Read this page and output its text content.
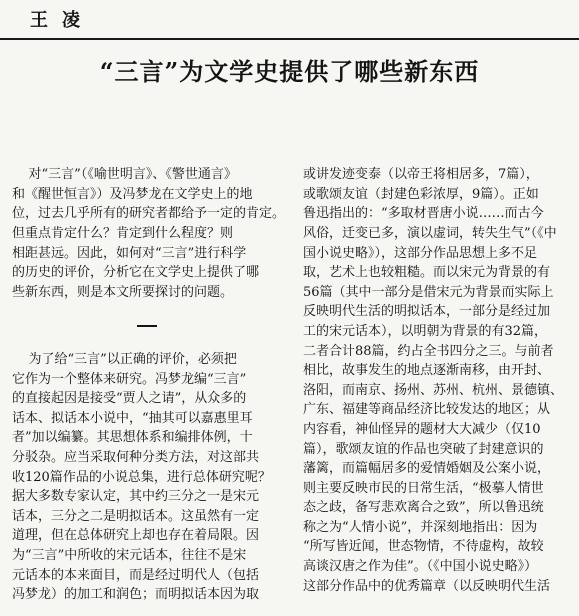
王凌
“三言”为文学史提供了哪些新东西

对“三言”（《喻世明言》、《警世通言》
和《醒世恒言》）及冯梦龙在文学史上的地
位，过去几乎所有的研究者都给予一定的肯定。
但重点肯定什么？肯定到什么程度？则
相距甚远。因此，如何对“三言”进行科学
的历史的评价，分析它在文学史上提供了哪
些新东西，则是本文所要探讨的问题。

为了给“三言”以正确的评价，必须把
它作为一个整体来研究。冯梦龙编“三言”
的直接起因是接受“贾人之请”，从众多的
话本、拟话本小说中，“抽其可以嘉惠里耳
者”加以编纂。其思想体系和编排体例，十
分驳杂。应当采取何种分类方法，对这部共
收120篇作品的小说总集，进行总体研究呢？
据大多数专家认定，其中约三分之一是宋元
话本，三分之二是明拟话本。这虽然有一定
道理，但在总体研究上却也存在着局限。因
为“三言”中所收的宋元话本，往往不是宋
元话本的本来面目，而是经过明代人（包括
冯梦龙）的加工和润色；而明拟话本因为取

或讲发迹变泰（以帝王将相居多，7篇），
或歌颂友谊（封建色彩浓厚，9篇）。正如
鲁迅指出的：“多取材晋唐小说……而古今
风俗，迁变已多，演以虚词，转失生气”（《中
国小说史略》），这部分作品思想上多不足
取，艺术上也较粗糙。而以宋元为背景的有
56篇（其中一部分是借宋元为背景而实际上
反映明代生活的明拟话本，一部分是经过加
工的宋元话本），以明朝为背景的有32篇，
二者合计88篇，约占全书四分之三。与前者
相比，故事发生的地点逐渐南移，由开封、
洛阳，而南京、扬州、苏州、杭州、景德镇、
广东、福建等商品经济比较发达的地区；从
内容看，神仙怪异的题材大大减少（仅10
篇），歌颂友谊的作品也突破了封建意识的
藩篱，而篇幅居多的爱情婚姻及公案小说，
则主要反映市民的日常生活，“极摹人情世
态之歧，备写悲欢离合之致”，所以鲁迅统
称之为“人情小说”，并深刻地指出：因为
“所写皆近闻，世态物情，不待虚构，故较
高谈汉唐之作为佳”。（《中国小说史略》）
这部分作品中的优秀篇章（以反映明代生活
